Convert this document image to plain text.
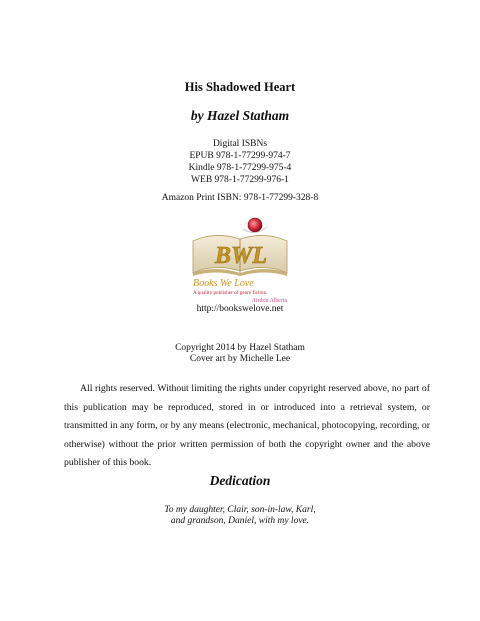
His Shadowed Heart
by Hazel Statham
Digital ISBNs
EPUB 978-1-77299-974-7
Kindle 978-1-77299-975-4
WEB 978-1-77299-976-1
Amazon Print ISBN: 978-1-77299-328-8
BWL
Books We Love
A quality publisher of genre fiction.
Airdrie Alberta
http://bookswelove.net
Copyright 2014 by Hazel Statham
Cover art by Michelle Lee

All rights reserved. Without limiting the rights under copyright reserved above, no part of this publication may be reproduced, stored in or introduced into a retrieval system, or transmitted in any form, or by any means (electronic, mechanical, photocopying, recording, or otherwise) without the prior written permission of both the copyright owner and the above publisher of this book.

Dedication
To my daughter, Clair, son-in-law, Karl,
and grandson, Daniel, with my love.
